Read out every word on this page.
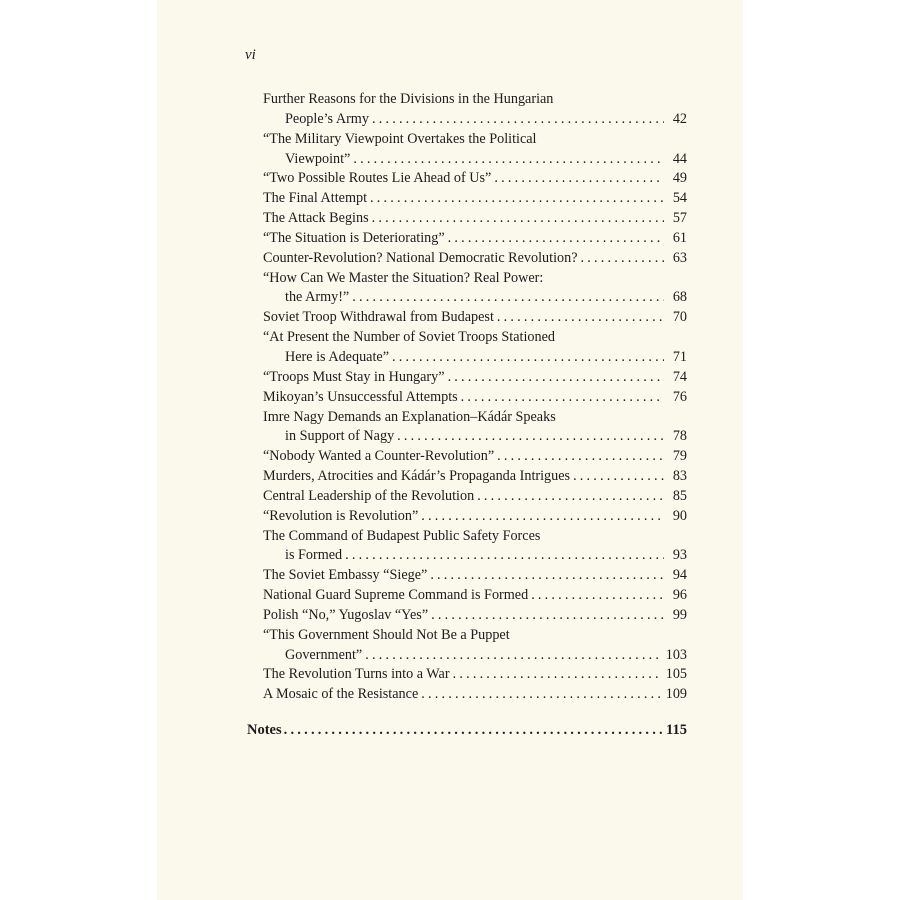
vi
Further Reasons for the Divisions in the Hungarian
People’s Army .....	42
“The Military Viewpoint Overtakes the Political
Viewpoint” .....	44
“Two Possible Routes Lie Ahead of Us” .....	49
The Final Attempt .....	54
The Attack Begins .....	57
“The Situation is Deteriorating” .....	61
Counter-Revolution? National Democratic Revolution? .....	63
“How Can We Master the Situation? Real Power:
the Army!” .....	68
Soviet Troop Withdrawal from Budapest .....	70
“At Present the Number of Soviet Troops Stationed
Here is Adequate” .....	71
“Troops Must Stay in Hungary” .....	74
Mikoyan’s Unsuccessful Attempts .....	76
Imre Nagy Demands an Explanation–Kádár Speaks
in Support of Nagy .....	78
“Nobody Wanted a Counter-Revolution” .....	79
Murders, Atrocities and Kádár’s Propaganda Intrigues .....	83
Central Leadership of the Revolution .....	85
“Revolution is Revolution” .....	90
The Command of Budapest Public Safety Forces
is Formed .....	93
The Soviet Embassy “Siege” .....	94
National Guard Supreme Command is Formed .....	96
Polish “No,” Yugoslav “Yes” .....	99
“This Government Should Not Be a Puppet
Government” .....	103
The Revolution Turns into a War .....	105
A Mosaic of the Resistance .....	109
Notes .....	115
